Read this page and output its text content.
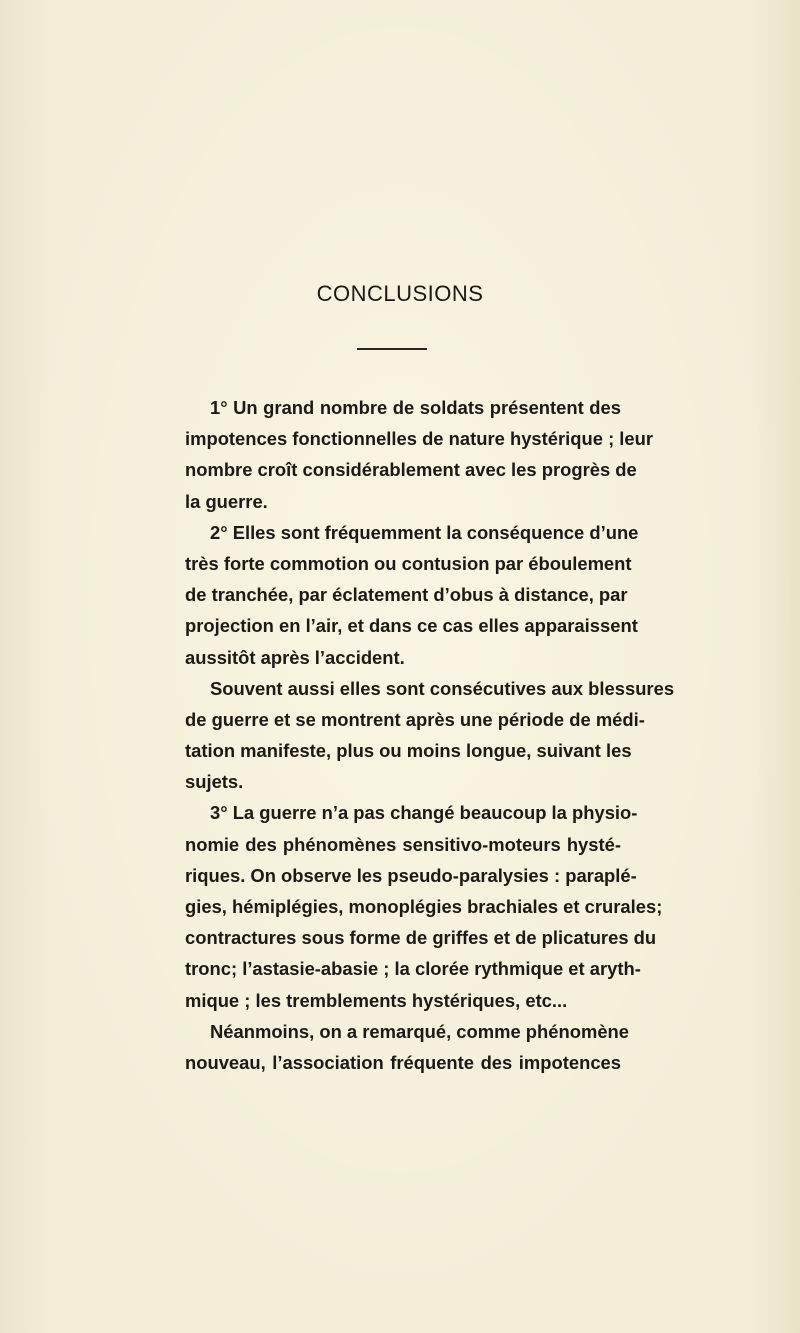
CONCLUSIONS
1° Un grand nombre de soldats présentent des
impotences fonctionnelles de nature hystérique ; leur
nombre croît considérablement avec les progrès de
la guerre.
2° Elles sont fréquemment la conséquence d’une
très forte commotion ou contusion par éboulement
de tranchée, par éclatement d’obus à distance, par
projection en l’air, et dans ce cas elles apparaissent
aussitôt après l’accident.
Souvent aussi elles sont consécutives aux blessures
de guerre et se montrent après une période de médi-
tation manifeste, plus ou moins longue, suivant les
sujets.
3° La guerre n’a pas changé beaucoup la physio-
nomie des phénomènes sensitivo-moteurs hysté-
riques. On observe les pseudo-paralysies : paraplé-
gies, hémiplégies, monoplégies brachiales et crurales;
contractures sous forme de griffes et de plicatures du
tronc; l’astasie-abasie ; la clorée rythmique et aryth-
mique ; les tremblements hystériques, etc...
Néanmoins, on a remarqué, comme phénomène
nouveau, l’association fréquente des impotences
